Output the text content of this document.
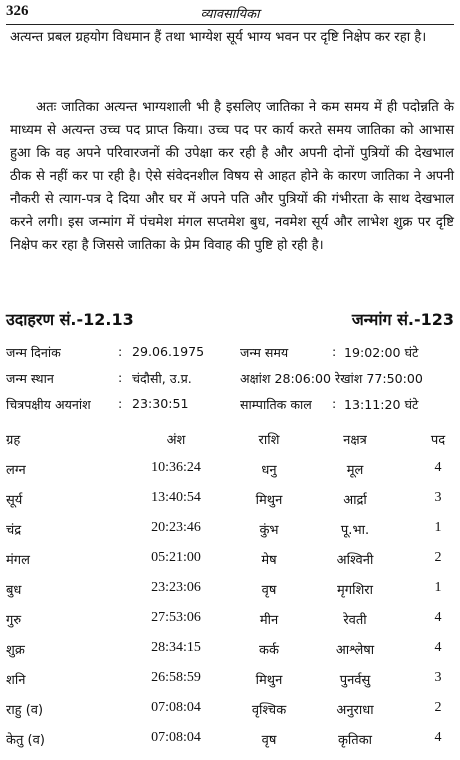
326	व्यावसायिका

अत्यन्त प्रबल ग्रहयोग विधमान हैं तथा भाग्येश सूर्य भाग्य भवन पर दृष्टि निक्षेप कर रहा है।

अतः जातिका अत्यन्त भाग्यशाली भी है इसलिए जातिका ने कम समय में ही पदोन्नति के माध्यम से अत्यन्त उच्च पद प्राप्त किया। उच्च पद पर कार्य करते समय जातिका को आभास हुआ कि वह अपने परिवारजनों की उपेक्षा कर रही है और अपनी दोनों पुत्रियों की देखभाल ठीक से नहीं कर पा रही है। ऐसे संवेदनशील विषय से आहत होने के कारण जातिका ने अपनी नौकरी से त्याग-पत्र दे दिया और घर में अपने पति और पुत्रियों की गंभीरता के साथ देखभाल करने लगी। इस जन्मांग में पंचमेश मंगल सप्तमेश बुध, नवमेश सूर्य और लाभेश शुक्र पर दृष्टि निक्षेप कर रहा है जिससे जातिका के प्रेम विवाह की पुष्टि हो रही है।

उदाहरण सं.-12.13	जन्मांग सं.-123
जन्म दिनांक	: 29.06.1975	जन्म समय	: 19:02:00 घंटे
जन्म स्थान	: चंदौसी, उ.प्र.	अक्षांश 28:06:00 रेखांश 77:50:00
चित्रपक्षीय अयनांश : 23:30:51	साम्पातिक काल : 13:11:20 घंटे
ग्रह	अंश	राशि	नक्षत्र	पद
लग्न	10:36:24	धनु	मूल	4
सूर्य	13:40:54	मिथुन	आर्द्रा	3
चंद्र	20:23:46	कुंभ	पू.भा.	1
मंगल	05:21:00	मेष	अश्विनी	2
बुध	23:23:06	वृष	मृगशिरा	1
गुरु	27:53:06	मीन	रेवती	4
शुक्र	28:34:15	कर्क	आश्लेषा	4
शनि	26:58:59	मिथुन	पुनर्वसु	3
राहु (व)	07:08:04	वृश्चिक	अनुराधा	2
केतु (व)	07:08:04	वृष	कृतिका	4
